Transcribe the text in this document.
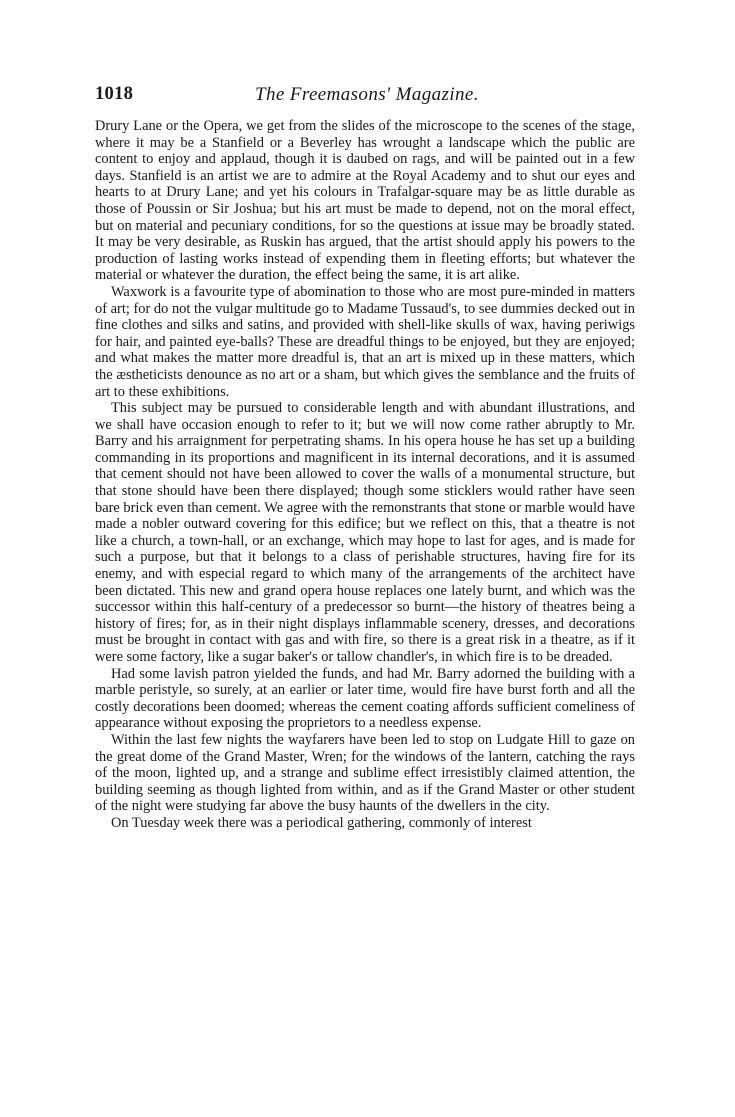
1018	The Freemasons' Magazine.

Drury Lane or the Opera, we get from the slides of the microscope to the scenes of the stage, where it may be a Stanfield or a Beverley has wrought a landscape which the public are content to enjoy and applaud, though it is daubed on rags, and will be painted out in a few days. Stanfield is an artist we are to admire at the Royal Academy and to shut our eyes and hearts to at Drury Lane; and yet his colours in Trafalgar-square may be as little durable as those of Poussin or Sir Joshua; but his art must be made to depend, not on the moral effect, but on material and pecuniary conditions, for so the questions at issue may be broadly stated. It may be very desirable, as Ruskin has argued, that the artist should apply his powers to the production of lasting works instead of expending them in fleeting efforts; but whatever the material or whatever the duration, the effect being the same, it is art alike.

Waxwork is a favourite type of abomination to those who are most pure-minded in matters of art; for do not the vulgar multitude go to Madame Tussaud's, to see dummies decked out in fine clothes and silks and satins, and provided with shell-like skulls of wax, having periwigs for hair, and painted eye-balls? These are dreadful things to be enjoyed, but they are enjoyed; and what makes the matter more dreadful is, that an art is mixed up in these matters, which the æstheticists denounce as no art or a sham, but which gives the semblance and the fruits of art to these exhibitions.

This subject may be pursued to considerable length and with abundant illustrations, and we shall have occasion enough to refer to it; but we will now come rather abruptly to Mr. Barry and his arraignment for perpetrating shams. In his opera house he has set up a building commanding in its proportions and magnificent in its internal decorations, and it is assumed that cement should not have been allowed to cover the walls of a monumental structure, but that stone should have been there displayed; though some sticklers would rather have seen bare brick even than cement. We agree with the remonstrants that stone or marble would have made a nobler outward covering for this edifice; but we reflect on this, that a theatre is not like a church, a town-hall, or an exchange, which may hope to last for ages, and is made for such a purpose, but that it belongs to a class of perishable structures, having fire for its enemy, and with especial regard to which many of the arrangements of the architect have been dictated. This new and grand opera house replaces one lately burnt, and which was the successor within this half-century of a predecessor so burnt—the history of theatres being a history of fires; for, as in their night displays inflammable scenery, dresses, and decorations must be brought in contact with gas and with fire, so there is a great risk in a theatre, as if it were some factory, like a sugar baker's or tallow chandler's, in which fire is to be dreaded.

Had some lavish patron yielded the funds, and had Mr. Barry adorned the building with a marble peristyle, so surely, at an earlier or later time, would fire have burst forth and all the costly decorations been doomed; whereas the cement coating affords sufficient comeliness of appearance without exposing the proprietors to a needless expense.

Within the last few nights the wayfarers have been led to stop on Ludgate Hill to gaze on the great dome of the Grand Master, Wren; for the windows of the lantern, catching the rays of the moon, lighted up, and a strange and sublime effect irresistibly claimed attention, the building seeming as though lighted from within, and as if the Grand Master or other student of the night were studying far above the busy haunts of the dwellers in the city.

On Tuesday week there was a periodical gathering, commonly of interest
